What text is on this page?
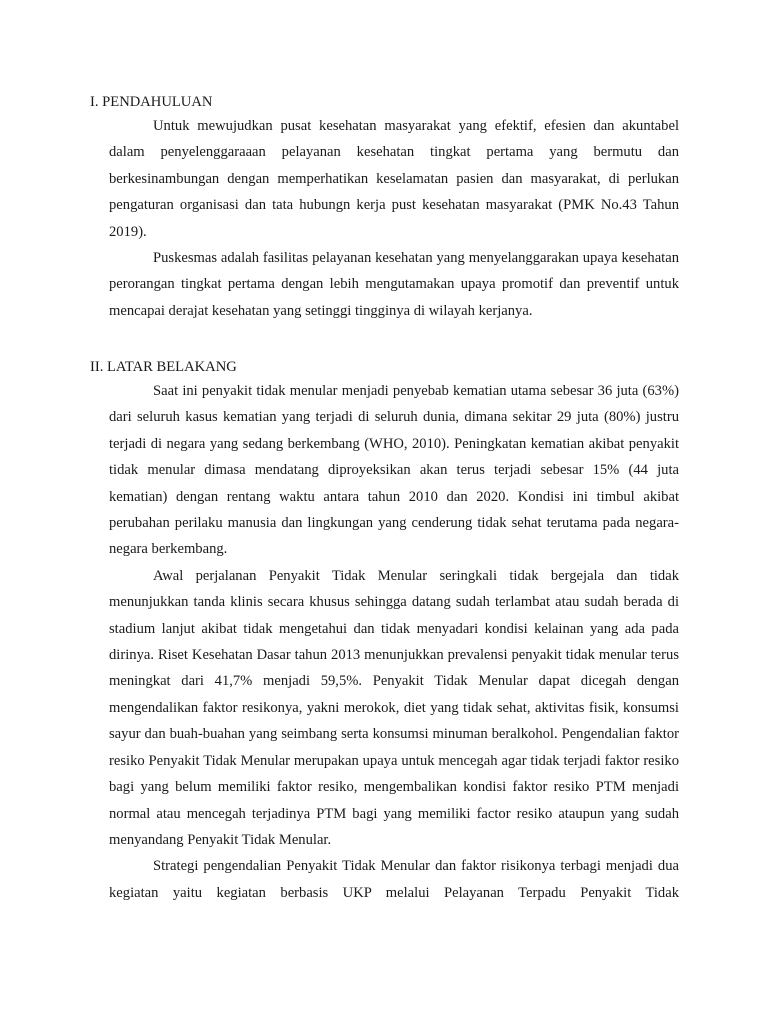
I. PENDAHULUAN

Untuk mewujudkan pusat kesehatan masyarakat yang efektif, efesien dan akuntabel dalam penyelenggaraaan pelayanan kesehatan tingkat pertama yang bermutu dan berkesinambungan dengan memperhatikan keselamatan pasien dan masyarakat, di perlukan pengaturan organisasi dan tata hubungn kerja pust kesehatan masyarakat (PMK No.43 Tahun 2019).

Puskesmas adalah fasilitas pelayanan kesehatan yang menyelanggarakan upaya kesehatan perorangan tingkat pertama dengan lebih mengutamakan upaya promotif dan preventif untuk mencapai derajat kesehatan yang setinggi tingginya di wilayah kerjanya.

II. LATAR BELAKANG

Saat ini penyakit tidak menular menjadi penyebab kematian utama sebesar 36 juta (63%) dari seluruh kasus kematian yang terjadi di seluruh dunia, dimana sekitar 29 juta (80%) justru terjadi di negara yang sedang berkembang (WHO, 2010). Peningkatan kematian akibat penyakit tidak menular dimasa mendatang diproyeksikan akan terus terjadi sebesar 15% (44 juta kematian) dengan rentang waktu antara tahun 2010 dan 2020. Kondisi ini timbul akibat perubahan perilaku manusia dan lingkungan yang cenderung tidak sehat terutama pada negara-negara berkembang.

Awal perjalanan Penyakit Tidak Menular seringkali tidak bergejala dan tidak menunjukkan tanda klinis secara khusus sehingga datang sudah terlambat atau sudah berada di stadium lanjut akibat tidak mengetahui dan tidak menyadari kondisi kelainan yang ada pada dirinya. Riset Kesehatan Dasar tahun 2013 menunjukkan prevalensi penyakit tidak menular terus meningkat dari 41,7% menjadi 59,5%. Penyakit Tidak Menular dapat dicegah dengan mengendalikan faktor resikonya, yakni merokok, diet yang tidak sehat, aktivitas fisik, konsumsi sayur dan buah-buahan yang seimbang serta konsumsi minuman beralkohol. Pengendalian faktor resiko Penyakit Tidak Menular merupakan upaya untuk mencegah agar tidak terjadi faktor resiko bagi yang belum memiliki faktor resiko, mengembalikan kondisi faktor resiko PTM menjadi normal atau mencegah terjadinya PTM bagi yang memiliki factor resiko ataupun yang sudah menyandang Penyakit Tidak Menular.

Strategi pengendalian Penyakit Tidak Menular dan faktor risikonya terbagi menjadi dua kegiatan yaitu kegiatan berbasis UKP melalui Pelayanan Terpadu Penyakit Tidak
